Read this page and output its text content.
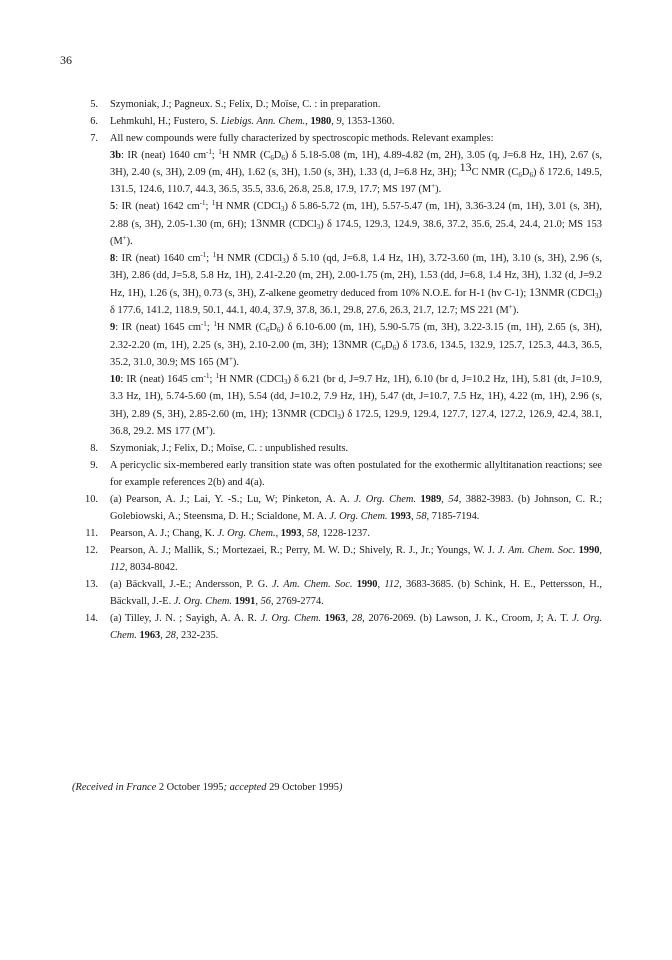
36
5. Szymoniak, J.; Pagneux. S.; Felix, D.; Moïse, C. : in preparation.
6. Lehmkuhl, H.; Fustero, S. Liebigs. Ann. Chem., 1980, 9, 1353-1360.
7. All new compounds were fully characterized by spectroscopic methods. Relevant examples:

3b: IR (neat) 1640 $cm^{-1}$; $^1$H NMR $(C_6D_6)$ δ 5.18-5.08 (m, 1H), 4.89-4.82 (m, 2H), 3.05 (q, J=6.8 Hz, 1H), 2.67 (s, 3H), 2.40 (s, 3H), 2.09 (m, 4H), 1.62 (s, 3H), 1.50 (s, 3H), 1.33 (d, J=6.8 Hz, 3H); $^{13}$C NMR $(C_6D_6)$ δ 172.6, 149.5, 131.5, 124.6, 110.7, 44.3, 36.5, 35.5, 33.6, 26.8, 25.8, 17.9, 17.7; MS 197 (M+).

5: IR (neat) 1642 $cm^{-1}$; $^1$H NMR (CDCl$_3$) δ 5.86-5.72 (m, 1H), 5.57-5.47 (m, 1H), 3.36-3.24 (m, 1H), 3.01 (s, 3H), 2.88 (s, 3H), 2.05-1.30 (m, 6H); 13NMR (CDCl$_3$) δ 174.5, 129.3, 124.9, 38.6, 37.2, 35.6, 25.4, 24.4, 21.0; MS 153 (M+).

8: IR (neat) 1640 $cm^{-1}$; $^1$H NMR (CDCl$_3$) δ 5.10 (qd, J=6.8, 1.4 Hz, 1H), 3.72-3.60 (m, 1H), 3.10 (s, 3H), 2.96 (s, 3H), 2.86 (dd, J=5.8, 5.8 Hz, 1H), 2.41-2.20 (m, 2H), 2.00-1.75 (m, 2H), 1.53 (dd, J=6.8, 1.4 Hz, 3H), 1.32 (d, J=9.2 Hz, 1H), 1.26 (s, 3H), 0.73 (s, 3H), Z-alkene geometry deduced from 10% N.O.E. for H-1 (hv C-1); 13NMR (CDCl$_3$) δ 177.6, 141.2, 118.9, 50.1, 44.1, 40.4, 37.9, 37.8, 36.1, 29.8, 27.6, 26.3, 21.7, 12.7; MS 221 (M+).

9: IR (neat) 1645 $cm^{-1}$; $^1$H NMR $(C_6D_6)$ δ 6.10-6.00 (m, 1H), 5.90-5.75 (m, 3H), 3.22-3.15 (m, 1H), 2.65 (s, 3H), 2.32-2.20 (m, 1H), 2.25 (s, 3H), 2.10-2.00 (m, 3H); 13NMR $(C_6D_6)$ δ 173.6, 134.5, 132.9, 125.7, 125.3, 44.3, 36.5, 35.2, 31.0, 30.9; MS 165 (M+).

10: IR (neat) 1645 $cm^{-1}$; $^1$H NMR (CDCl$_3$) δ 6.21 (br d, J=9.7 Hz, 1H), 6.10 (br d, J=10.2 Hz, 1H), 5.81 (dt, J=10.9, 3.3 Hz, 1H), 5.74-5.60 (m, 1H), 5.54 (dd, J=10.2, 7.9 Hz, 1H), 5.47 (dt, J=10.7, 7.5 Hz, 1H), 4.22 (m, 1H), 2.96 (s, 3H), 2.89 (S, 3H), 2.85-2.60 (m, 1H); 13NMR (CDCl$_3$) δ 172.5, 129.9, 129.4, 127.7, 127.4, 127.2, 126.9, 42.4, 38.1, 36.8, 29.2. MS 177 (M+).

8. Szymoniak, J.; Felix, D.; Moïse, C. : unpublished results.
9. A pericyclic six-membered early transition state was often postulated for the exothermic allyltitanation reactions; see for example references 2(b) and 4(a).
10. (a) Pearson, A. J.; Lai, Y. -S.; Lu, W; Pinketon, A. A. J. Org. Chem. 1989, 54, 3882-3983. (b) Johnson, C. R.; Golebiowski, A.; Steensma, D. H.; Scialdone, M. A. J. Org. Chem. 1993, 58, 7185-7194.
11. Pearson, A. J.; Chang, K. J. Org. Chem., 1993, 58, 1228-1237.
12. Pearson, A. J.; Mallik, S.; Mortezaei, R.; Perry, M. W. D.; Shively, R. J., Jr.; Youngs, W. J. J. Am. Chem. Soc. 1990, 112, 8034-8042.
13. (a) Bäckvall, J.-E.; Andersson, P. G. J. Am. Chem. Soc. 1990, 112, 3683-3685. (b) Schink, H. E., Pettersson, H., Bäckvall, J.-E. J. Org. Chem. 1991, 56, 2769-2774.
14. (a) Tilley, J. N. ; Sayigh, A. A. R. J. Org. Chem. 1963, 28, 2076-2069. (b) Lawson, J. K., Croom, J; A. T. J. Org. Chem. 1963, 28, 232-235.
(Received in France 2 October 1995; accepted 29 October 1995)
